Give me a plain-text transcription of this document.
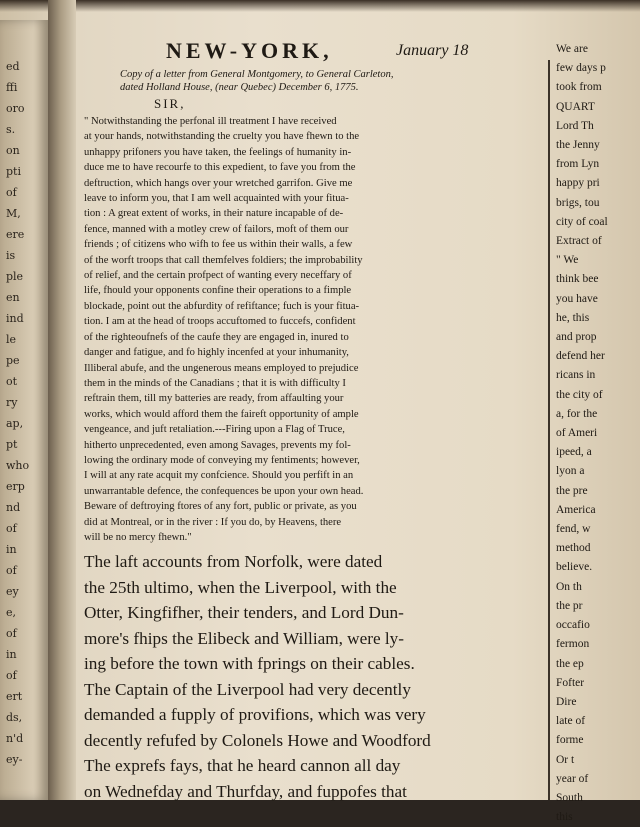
ed
ffi
oro
s.
on
pti
of
M,
ere
is
ple
en
ind
le
pe
ot
ry
ap,
pt
who
erp
nd
of
in
of
ey
e,
of
in
of
ert
ds,
n'd
ey-
NEW-YORK,	January 18
Copy of a letter from General Montgomery, to General Carleton,
dated Holland House, (near Quebec) December 6, 1775.
SIR,
" Notwithstanding the perfonal ill treatment I have received
at your hands, notwithstanding the cruelty you have fhewn to the
unhappy prifoners you have taken, the feelings of humanity in-
duce me to have recourfe to this expedient, to fave you from the
deftruction, which hangs over your wretched garrifon. Give me
leave to inform you, that I am well acquainted with your fitua-
tion : A great extent of works, in their nature incapable of de-
fence, manned with a motley crew of failors, moft of them our
friends ; of citizens who wifh to fee us within their walls, a few
of the worft troops that call themfelves foldiers; the improbability
of relief, and the certain profpect of wanting every neceffary of
life, fhould your opponents confine their operations to a fimple
blockade, point out the abfurdity of refiftance; fuch is your fitua-
tion. I am at the head of troops accuftomed to fuccefs, confident
of the righteoufnefs of the caufe they are engaged in, inured to
danger and fatigue, and fo highly incenfed at your inhumanity,
Illiberal abufe, and the ungenerous means employed to prejudice
them in the minds of the Canadians ; that it is with difficulty I
reftrain them, till my batteries are ready, from affaulting your
works, which would afford them the faireft opportunity of ample
vengeance, and juft retaliation.---Firing upon a Flag of Truce,
hitherto unprecedented, even among Savages, prevents my fol-
lowing the ordinary mode of conveying my fentiments; however,
I will at any rate acquit my confcience. Should you perfift in an
unwarrantable defence, the confequences be upon your own head.
Beware of deftroying ftores of any fort, public or private, as you
did at Montreal, or in the river : If you do, by Heavens, there
will be no mercy fhewn."
The laft accounts from Norfolk, were dated
the 25th ultimo, when the Liverpool, with the
Otter, Kingfifher, their tenders, and Lord Dun-
more's fhips the Elibeck and William, were ly-
ing before the town with fprings on their cables.
The Captain of the Liverpool had very decently
demanded a fupply of provifions, which was very
decently refufed by Colonels Howe and Woodford
The exprefs fays, that he heard cannon all day
on Wednefday and Thurfday, and fuppofes that
We are
few days p
took from
QUART
Lord Th
the Jenny
from Lyn
happy pri
brigs, tou
city of coal
Extract of
" We
think bee
you have
he, this
and prop
defend her
ricans in
the city of
a, for the
of Ameri
ipeed, a
lyon a
the pre
America
fend, w
method
believe.
On th
the pr
occafio
fermon
the ep
Fofter
Dire
late of
forme
Or t
year of
South
this
